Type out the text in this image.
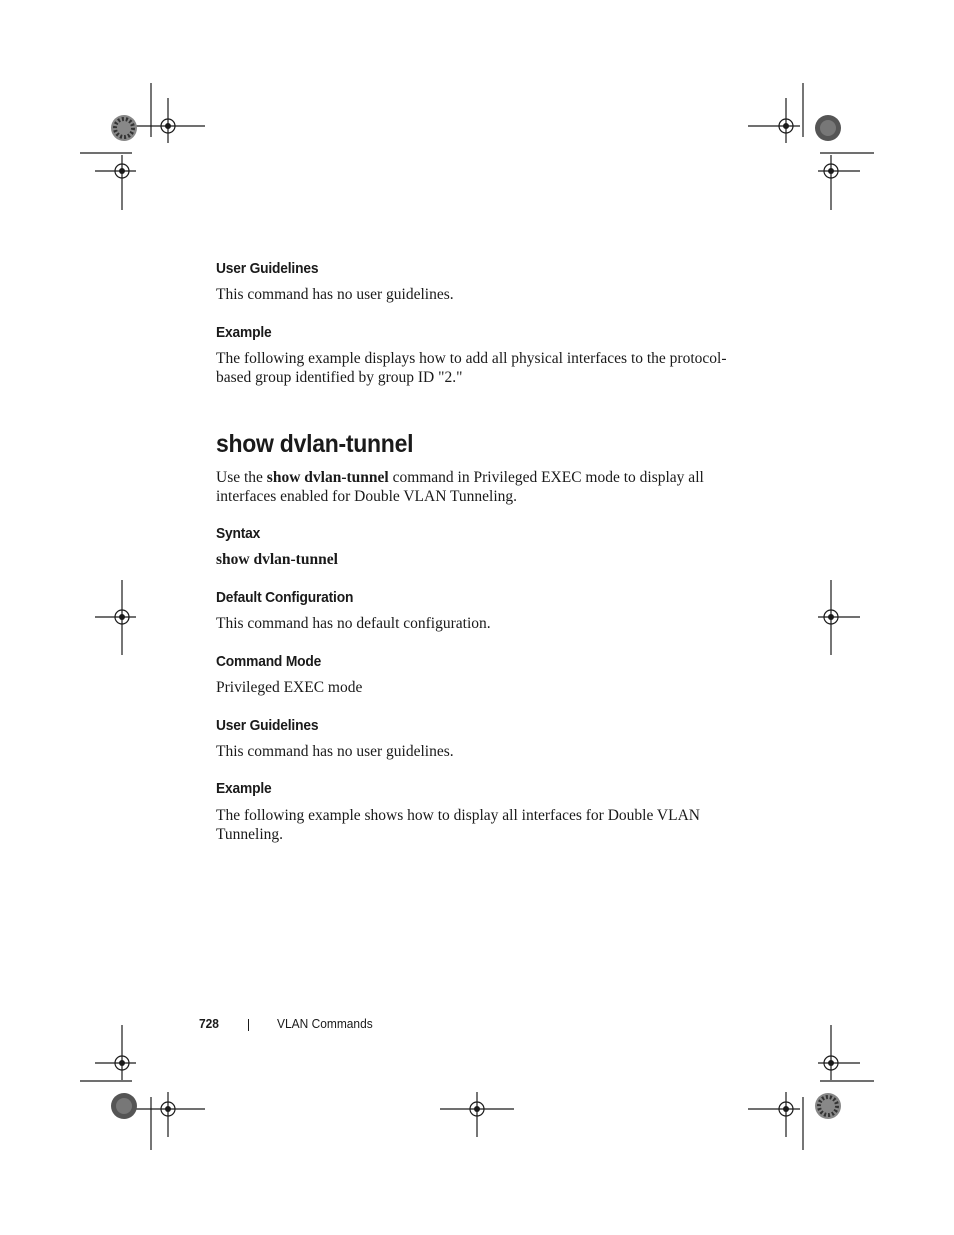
User Guidelines

This command has no user guidelines.

Example

The following example displays how to add all physical interfaces to the protocol-based group identified by group ID "2."

show dvlan-tunnel

Use the show dvlan-tunnel command in Privileged EXEC mode to display all interfaces enabled for Double VLAN Tunneling.

Syntax

show dvlan-tunnel

Default Configuration

This command has no default configuration.

Command Mode

Privileged EXEC mode

User Guidelines

This command has no user guidelines.

Example

The following example shows how to display all interfaces for Double VLAN Tunneling.

728	VLAN Commands
